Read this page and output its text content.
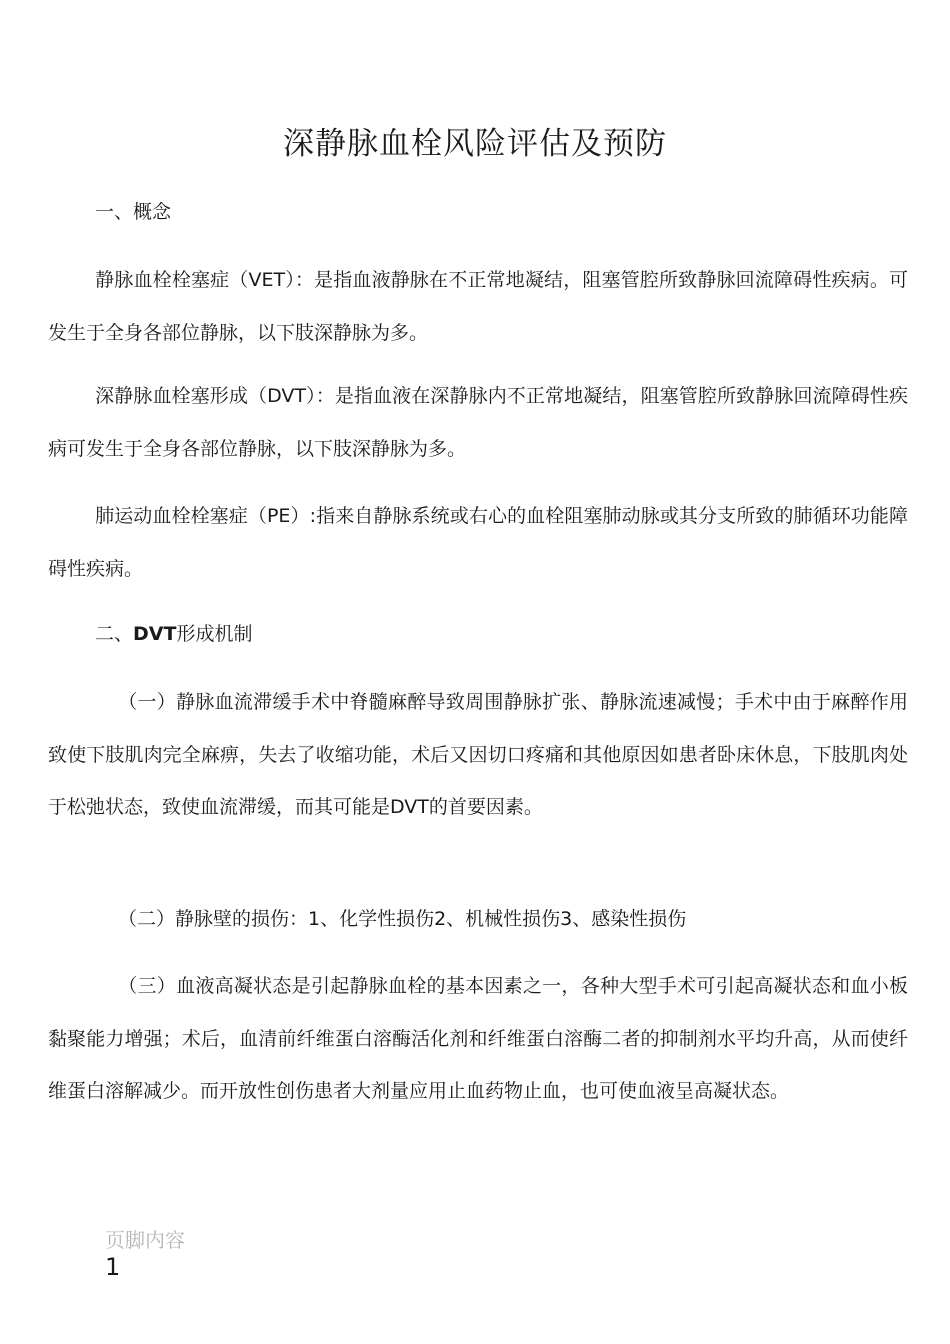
深静脉血栓风险评估及预防
一、概念
静脉血栓栓塞症（VET）：是指血液静脉在不正常地凝结，阻塞管腔所致静脉回流障碍性疾病。可发生于全身各部位静脉，以下肢深静脉为多。
深静脉血栓塞形成（DVT）：是指血液在深静脉内不正常地凝结，阻塞管腔所致静脉回流障碍性疾病可发生于全身各部位静脉，以下肢深静脉为多。
肺运动血栓栓塞症（PE）:指来自静脉系统或右心的血栓阻塞肺动脉或其分支所致的肺循环功能障碍性疾病。
二、DVT形成机制
（一）静脉血流滞缓手术中脊髓麻醉导致周围静脉扩张、静脉流速减慢；手术中由于麻醉作用致使下肢肌肉完全麻痹，失去了收缩功能，术后又因切口疼痛和其他原因如患者卧床休息，下肢肌肉处于松弛状态，致使血流滞缓，而其可能是DVT的首要因素。
（二）静脉壁的损伤：1、化学性损伤2、机械性损伤3、感染性损伤
（三）血液高凝状态是引起静脉血栓的基本因素之一，各种大型手术可引起高凝状态和血小板黏聚能力增强；术后，血清前纤维蛋白溶酶活化剂和纤维蛋白溶酶二者的抑制剂水平均升高，从而使纤维蛋白溶解减少。而开放性创伤患者大剂量应用止血药物止血，也可使血液呈高凝状态。
页脚内容
1
